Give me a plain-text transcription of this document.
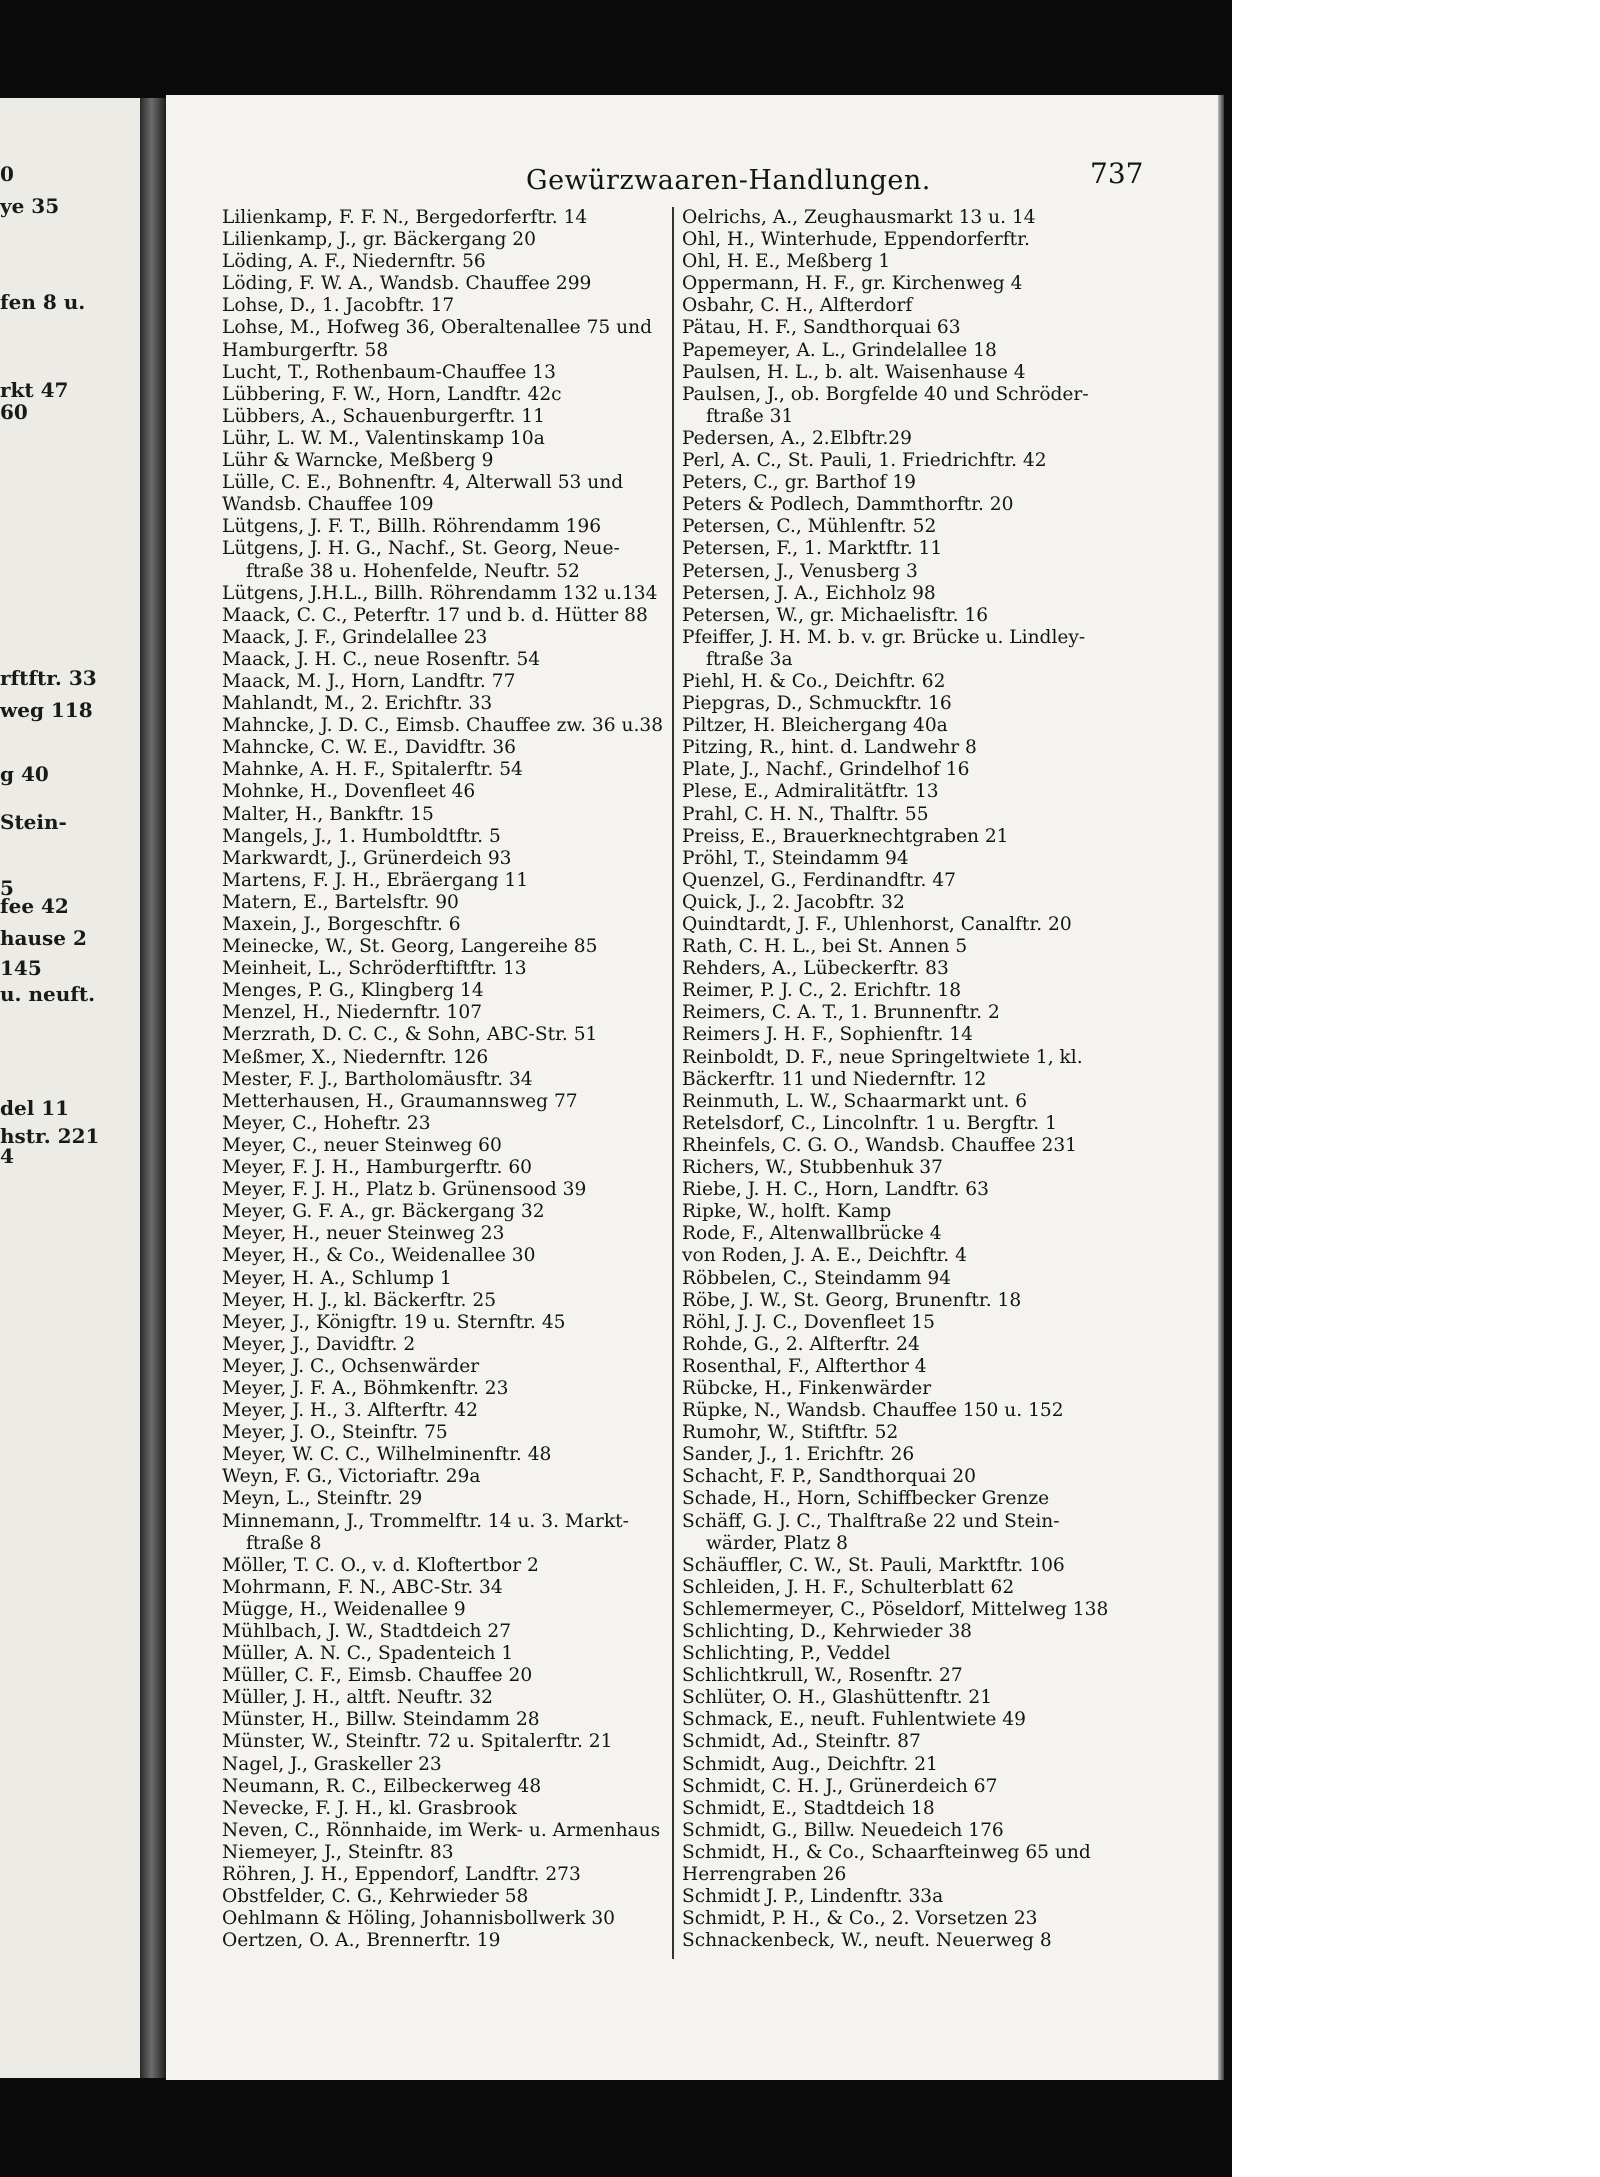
0
ye 35
fen 8 u.
rkt 47
60
rftftr. 33
weg 118
g 40
Stein-
5
fee 42
hause 2
145
u. neuft.
del 11
hstr. 221
4
Gewürzwaaren-Handlungen.	737
Lilienkamp, F. F. N., Bergedorferftr. 14
Lilienkamp, J., gr. Bäckergang 20
Löding, A. F., Niedernftr. 56
Löding, F. W. A., Wandsb. Chauffee 299
Lohse, D., 1. Jacobftr. 17
Lohse, M., Hofweg 36, Oberaltenallee 75 und
Hamburgerftr. 58
Lucht, T., Rothenbaum-Chauffee 13
Lübbering, F. W., Horn, Landftr. 42c
Lübbers, A., Schauenburgerftr. 11
Lühr, L. W. M., Valentinskamp 10a
Lühr & Warncke, Meßberg 9
Lülle, C. E., Bohnenftr. 4, Alterwall 53 und
Wandsb. Chauffee 109
Lütgens, J. F. T., Billh. Röhrendamm 196
Lütgens, J. H. G., Nachf., St. Georg, Neue-
ftraße 38 u. Hohenfelde, Neuftr. 52
Lütgens, J.H.L., Billh. Röhrendamm 132 u.134
Maack, C. C., Peterftr. 17 und b. d. Hütter 88
Maack, J. F., Grindelallee 23
Maack, J. H. C., neue Rosenftr. 54
Maack, M. J., Horn, Landftr. 77
Mahlandt, M., 2. Erichftr. 33
Mahncke, J. D. C., Eimsb. Chauffee zw. 36 u.38
Mahncke, C. W. E., Davidftr. 36
Mahnke, A. H. F., Spitalerftr. 54
Mohnke, H., Dovenfleet 46
Malter, H., Bankftr. 15
Mangels, J., 1. Humboldtftr. 5
Markwardt, J., Grünerdeich 93
Martens, F. J. H., Ebräergang 11
Matern, E., Bartelsftr. 90
Maxein, J., Borgeschftr. 6
Meinecke, W., St. Georg, Langereihe 85
Meinheit, L., Schröderftiftftr. 13
Menges, P. G., Klingberg 14
Menzel, H., Niedernftr. 107
Merzrath, D. C. C., & Sohn, ABC-Str. 51
Meßmer, X., Niedernftr. 126
Mester, F. J., Bartholomäusftr. 34
Metterhausen, H., Graumannsweg 77
Meyer, C., Hoheftr. 23
Meyer, C., neuer Steinweg 60
Meyer, F. J. H., Hamburgerftr. 60
Meyer, F. J. H., Platz b. Grünensood 39
Meyer, G. F. A., gr. Bäckergang 32
Meyer, H., neuer Steinweg 23
Meyer, H., & Co., Weidenallee 30
Meyer, H. A., Schlump 1
Meyer, H. J., kl. Bäckerftr. 25
Meyer, J., Königftr. 19 u. Sternftr. 45
Meyer, J., Davidftr. 2
Meyer, J. C., Ochsenwärder
Meyer, J. F. A., Böhmkenftr. 23
Meyer, J. H., 3. Alfterftr. 42
Meyer, J. O., Steinftr. 75
Meyer, W. C. C., Wilhelminenftr. 48
Weyn, F. G., Victoriaftr. 29a
Meyn, L., Steinftr. 29
Minnemann, J., Trommelftr. 14 u. 3. Markt-
ftraße 8
Möller, T. C. O., v. d. Kloftertbor 2
Mohrmann, F. N., ABC-Str. 34
Mügge, H., Weidenallee 9
Mühlbach, J. W., Stadtdeich 27
Müller, A. N. C., Spadenteich 1
Müller, C. F., Eimsb. Chauffee 20
Müller, J. H., altft. Neuftr. 32
Münster, H., Billw. Steindamm 28
Münster, W., Steinftr. 72 u. Spitalerftr. 21
Nagel, J., Graskeller 23
Neumann, R. C., Eilbeckerweg 48
Nevecke, F. J. H., kl. Grasbrook
Neven, C., Rönnhaide, im Werk- u. Armenhaus
Niemeyer, J., Steinftr. 83
Röhren, J. H., Eppendorf, Landftr. 273
Obstfelder, C. G., Kehrwieder 58
Oehlmann & Höling, Johannisbollwerk 30
Oertzen, O. A., Brennerftr. 19
Oelrichs, A., Zeughausmarkt 13 u. 14
Ohl, H., Winterhude, Eppendorferftr.
Ohl, H. E., Meßberg 1
Oppermann, H. F., gr. Kirchenweg 4
Osbahr, C. H., Alfterdorf
Pätau, H. F., Sandthorquai 63
Papemeyer, A. L., Grindelallee 18
Paulsen, H. L., b. alt. Waisenhause 4
Paulsen, J., ob. Borgfelde 40 und Schröder-
ftraße 31
Pedersen, A., 2.Elbftr.29
Perl, A. C., St. Pauli, 1. Friedrichftr. 42
Peters, C., gr. Barthof 19
Peters & Podlech, Dammthorftr. 20
Petersen, C., Mühlenftr. 52
Petersen, F., 1. Marktftr. 11
Petersen, J., Venusberg 3
Petersen, J. A., Eichholz 98
Petersen, W., gr. Michaelisftr. 16
Pfeiffer, J. H. M. b. v. gr. Brücke u. Lindley-
ftraße 3a
Piehl, H. & Co., Deichftr. 62
Piepgras, D., Schmuckftr. 16
Piltzer, H. Bleichergang 40a
Pitzing, R., hint. d. Landwehr 8
Plate, J., Nachf., Grindelhof 16
Plese, E., Admiralitätftr. 13
Prahl, C. H. N., Thalftr. 55
Preiss, E., Brauerknechtgraben 21
Pröhl, T., Steindamm 94
Quenzel, G., Ferdinandftr. 47
Quick, J., 2. Jacobftr. 32
Quindtardt, J. F., Uhlenhorst, Canalftr. 20
Rath, C. H. L., bei St. Annen 5
Rehders, A., Lübeckerftr. 83
Reimer, P. J. C., 2. Erichftr. 18
Reimers, C. A. T., 1. Brunnenftr. 2
Reimers J. H. F., Sophienftr. 14
Reinboldt, D. F., neue Springeltwiete 1, kl.
Bäckerftr. 11 und Niedernftr. 12
Reinmuth, L. W., Schaarmarkt unt. 6
Retelsdorf, C., Lincolnftr. 1 u. Bergftr. 1
Rheinfels, C. G. O., Wandsb. Chauffee 231
Richers, W., Stubbenhuk 37
Riebe, J. H. C., Horn, Landftr. 63
Ripke, W., holft. Kamp
Rode, F., Altenwallbrücke 4
von Roden, J. A. E., Deichftr. 4
Röbbelen, C., Steindamm 94
Röbe, J. W., St. Georg, Brunenftr. 18
Röhl, J. J. C., Dovenfleet 15
Rohde, G., 2. Alfterftr. 24
Rosenthal, F., Alfterthor 4
Rübcke, H., Finkenwärder
Rüpke, N., Wandsb. Chauffee 150 u. 152
Rumohr, W., Stiftftr. 52
Sander, J., 1. Erichftr. 26
Schacht, F. P., Sandthorquai 20
Schade, H., Horn, Schiffbecker Grenze
Schäff, G. J. C., Thalftraße 22 und Stein-
wärder, Platz 8
Schäuffler, C. W., St. Pauli, Marktftr. 106
Schleiden, J. H. F., Schulterblatt 62
Schlemermeyer, C., Pöseldorf, Mittelweg 138
Schlichting, D., Kehrwieder 38
Schlichting, P., Veddel
Schlichtkrull, W., Rosenftr. 27
Schlüter, O. H., Glashüttenftr. 21
Schmack, E., neuft. Fuhlentwiete 49
Schmidt, Ad., Steinftr. 87
Schmidt, Aug., Deichftr. 21
Schmidt, C. H. J., Grünerdeich 67
Schmidt, E., Stadtdeich 18
Schmidt, G., Billw. Neuedeich 176
Schmidt, H., & Co., Schaarfteinweg 65 und
Herrengraben 26
Schmidt J. P., Lindenftr. 33a
Schmidt, P. H., & Co., 2. Vorsetzen 23
Schnackenbeck, W., neuft. Neuerweg 8
